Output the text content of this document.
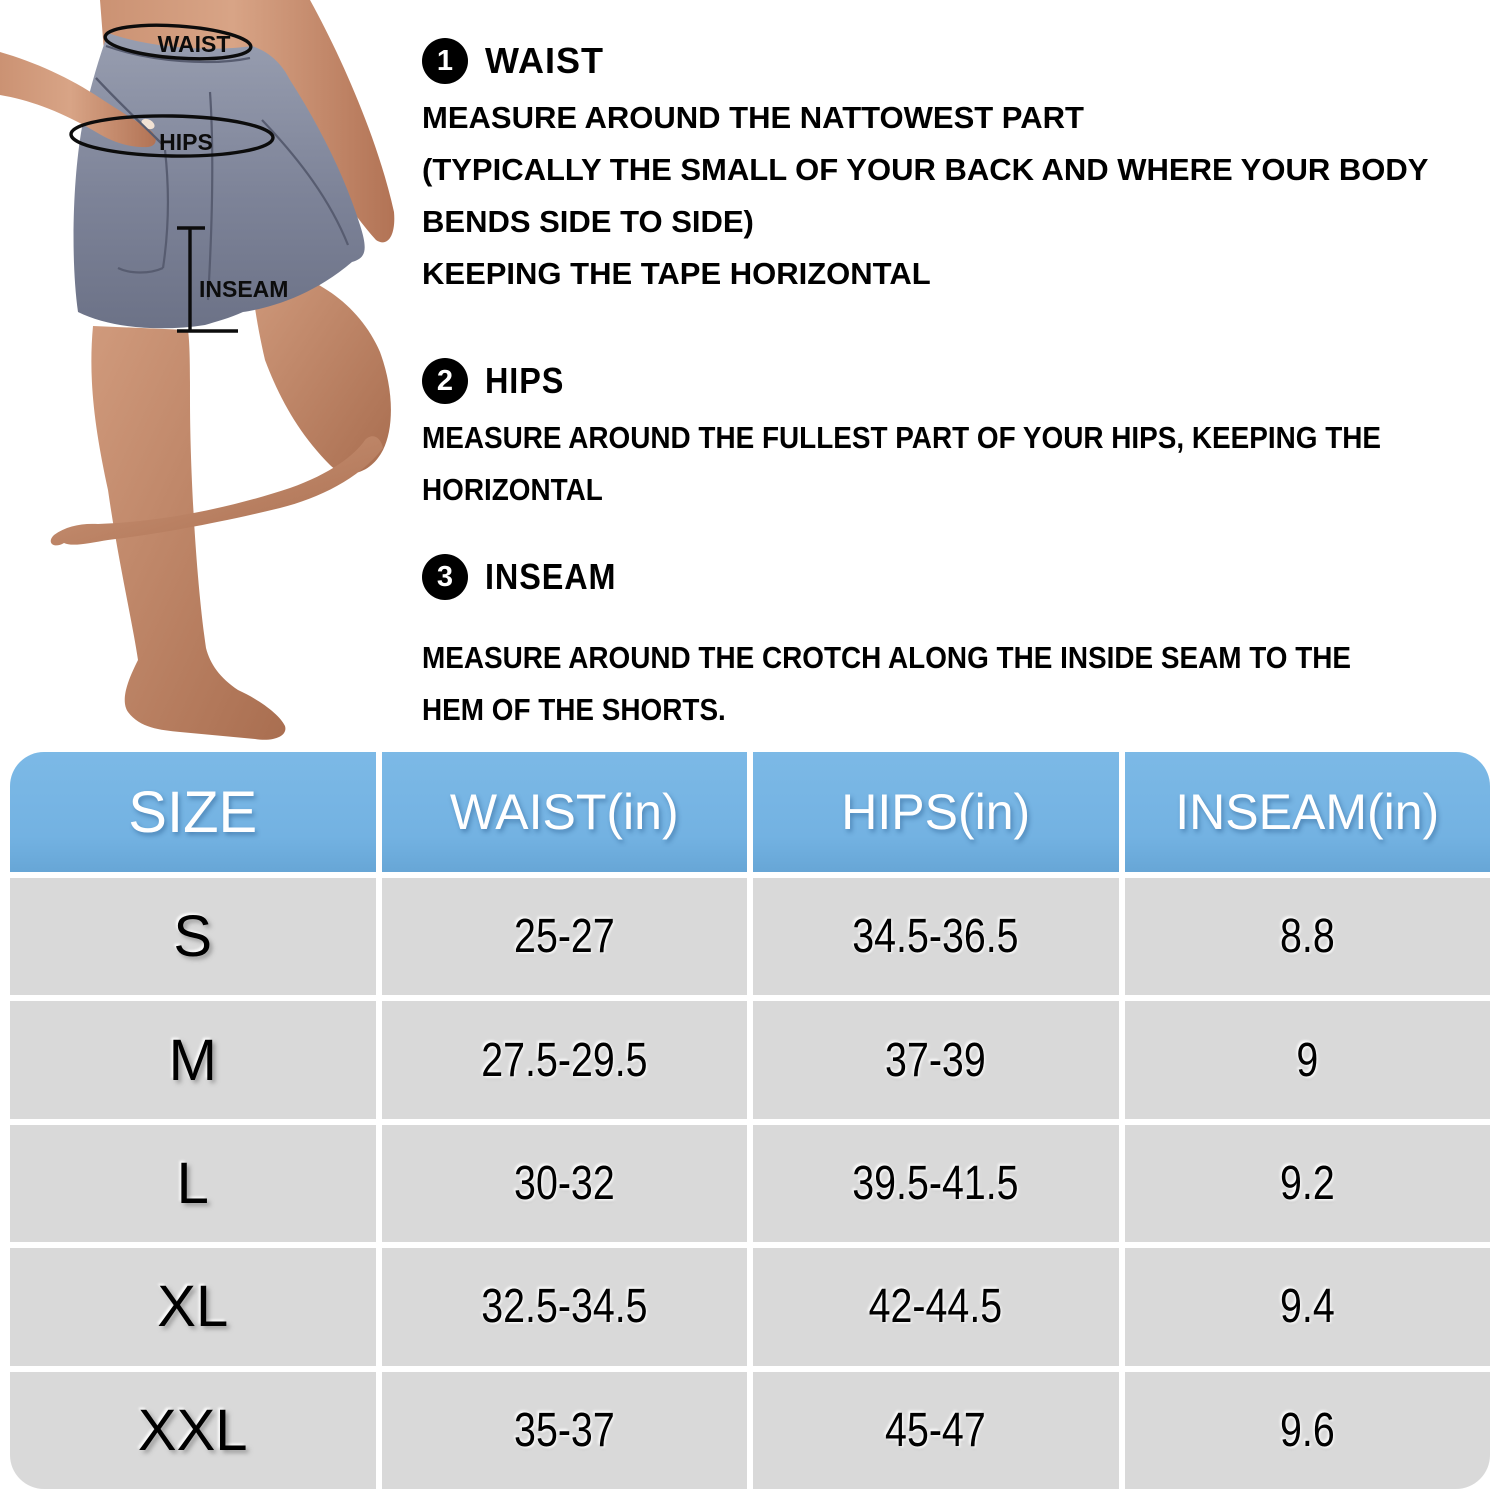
WAIST
HIPS
INSEAM
1 WAIST
MEASURE AROUND THE NATTOWEST PART
(TYPICALLY THE SMALL OF YOUR BACK AND WHERE YOUR BODY
BENDS SIDE TO SIDE)
KEEPING THE TAPE HORIZONTAL
2 HIPS
MEASURE AROUND THE FULLEST PART OF YOUR HIPS, KEEPING THE
HORIZONTAL
3 INSEAM
MEASURE AROUND THE CROTCH ALONG THE INSIDE SEAM TO THE
HEM OF THE SHORTS.
SIZE	WAIST(in)	HIPS(in)	INSEAM(in)
S	25-27	34.5-36.5	8.8
M	27.5-29.5	37-39	9
L	30-32	39.5-41.5	9.2
XL	32.5-34.5	42-44.5	9.4
XXL	35-37	45-47	9.6
